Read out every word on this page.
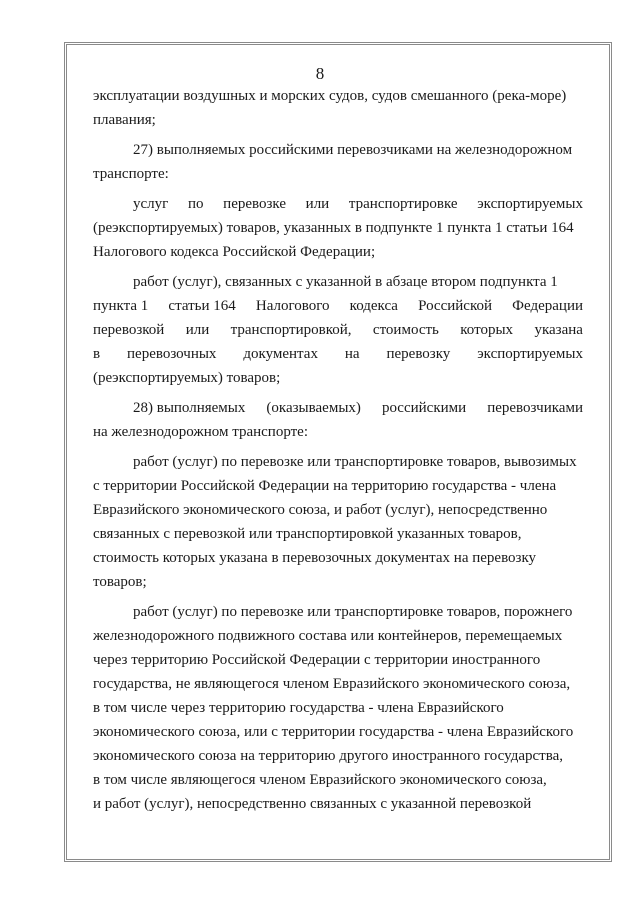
8
эксплуатации воздушных и морских судов, судов смешанного (река-море)
плавания;
27) выполняемых российскими перевозчиками на железнодорожном
транспорте:
услуг по перевозке или транспортировке экспортируемых
(реэкспортируемых) товаров, указанных в подпункте 1 пункта 1 статьи 164
Налогового кодекса Российской Федерации;
работ (услуг), связанных с указанной в абзаце втором подпункта 1
пункта 1 статьи 164 Налогового кодекса Российской Федерации
перевозкой или транспортировкой, стоимость которых указана
в перевозочных документах на перевозку экспортируемых
(реэкспортируемых) товаров;
28) выполняемых (оказываемых) российскими перевозчиками
на железнодорожном транспорте:
работ (услуг) по перевозке или транспортировке товаров, вывозимых
с территории Российской Федерации на территорию государства - члена
Евразийского экономического союза, и работ (услуг), непосредственно
связанных с перевозкой или транспортировкой указанных товаров,
стоимость которых указана в перевозочных документах на перевозку
товаров;
работ (услуг) по перевозке или транспортировке товаров, порожнего
железнодорожного подвижного состава или контейнеров, перемещаемых
через территорию Российской Федерации с территории иностранного
государства, не являющегося членом Евразийского экономического союза,
в том числе через территорию государства - члена Евразийского
экономического союза, или с территории государства - члена Евразийского
экономического союза на территорию другого иностранного государства,
в том числе являющегося членом Евразийского экономического союза,
и работ (услуг), непосредственно связанных с указанной перевозкой
